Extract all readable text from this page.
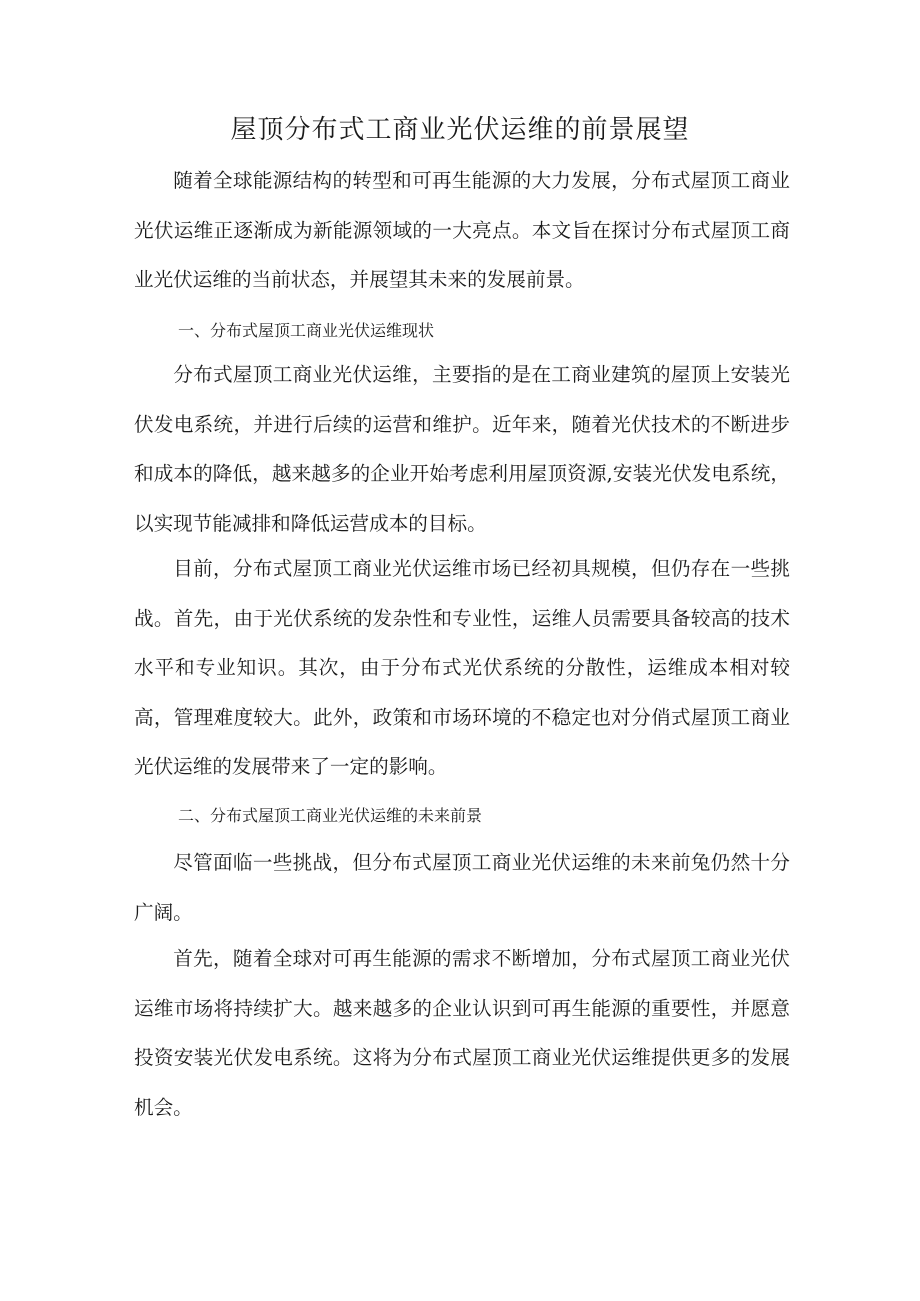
屋顶分布式工商业光伏运维的前景展望

随着全球能源结构的转型和可再生能源的大力发展，分布式屋顶工商业光伏运维正逐渐成为新能源领域的一大亮点。本文旨在探讨分布式屋顶工商业光伏运维的当前状态，并展望其未来的发展前景。

一、分布式屋顶工商业光伏运维现状

分布式屋顶工商业光伏运维，主要指的是在工商业建筑的屋顶上安装光伏发电系统，并进行后续的运营和维护。近年来，随着光伏技术的不断进步和成本的降低，越来越多的企业开始考虑利用屋顶资源,安装光伏发电系统，以实现节能减排和降低运营成本的目标。

目前，分布式屋顶工商业光伏运维市场已经初具规模，但仍存在一些挑战。首先，由于光伏系统的发杂性和专业性，运维人员需要具备较高的技术水平和专业知识。其次，由于分布式光伏系统的分散性，运维成本相对较高，管理难度较大。此外，政策和市场环境的不稳定也对分俏式屋顶工商业光伏运维的发展带来了一定的影响。

二、分布式屋顶工商业光伏运维的未来前景

尽管面临一些挑战，但分布式屋顶工商业光伏运维的未来前兔仍然十分广阔。

首先，随着全球对可再生能源的需求不断增加，分布式屋顶工商业光伏运维市场将持续扩大。越来越多的企业认识到可再生能源的重要性，并愿意投资安装光伏发电系统。这将为分布式屋顶工商业光伏运维提供更多的发展机会。
